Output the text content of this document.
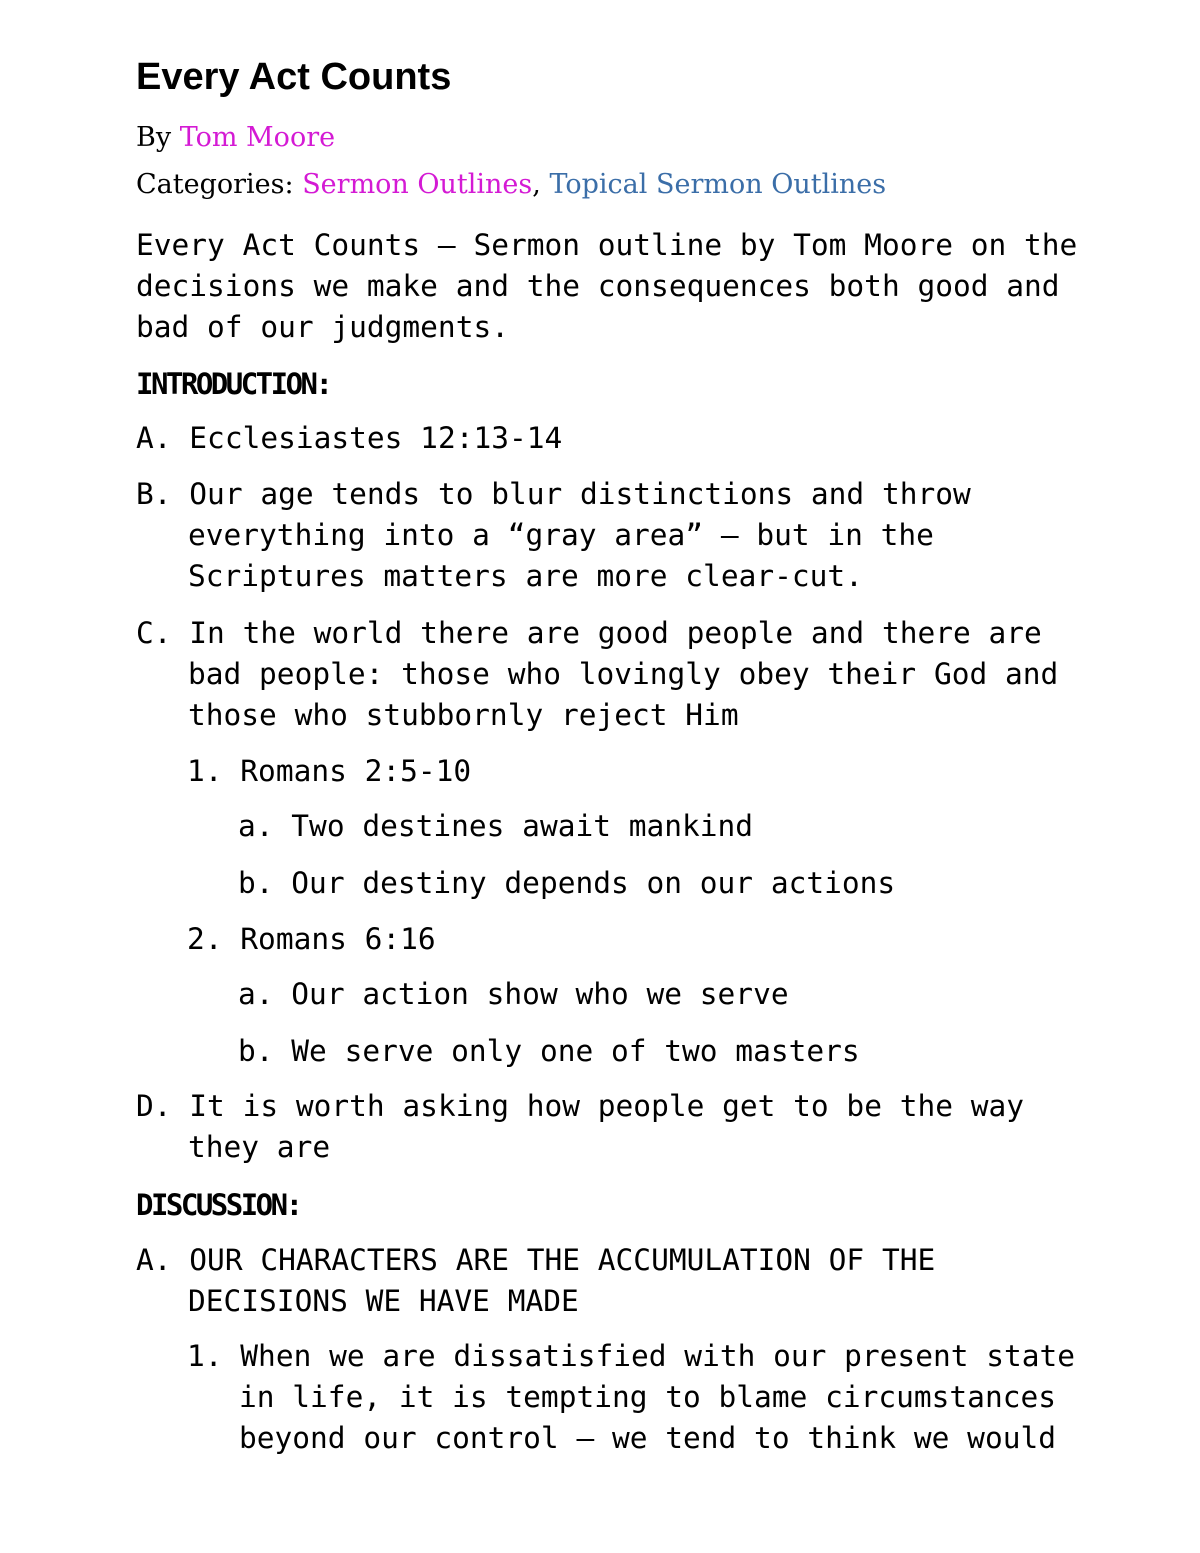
Every Act Counts

By Tom Moore

Categories: Sermon Outlines, Topical Sermon Outlines

Every Act Counts – Sermon outline by Tom Moore on the
decisions we make and the consequences both good and
bad of our judgments.
INTRODUCTION:
A. Ecclesiastes 12:13-14
B. Our age tends to blur distinctions and throw
everything into a “gray area” – but in the
Scriptures matters are more clear-cut.
C. In the world there are good people and there are
bad people: those who lovingly obey their God and
those who stubbornly reject Him
1. Romans 2:5-10
a. Two destines await mankind
b. Our destiny depends on our actions
2. Romans 6:16
a. Our action show who we serve
b. We serve only one of two masters
D. It is worth asking how people get to be the way
they are
DISCUSSION:
A. OUR CHARACTERS ARE THE ACCUMULATION OF THE
DECISIONS WE HAVE MADE
1. When we are dissatisfied with our present state
in life, it is tempting to blame circumstances
beyond our control – we tend to think we would
